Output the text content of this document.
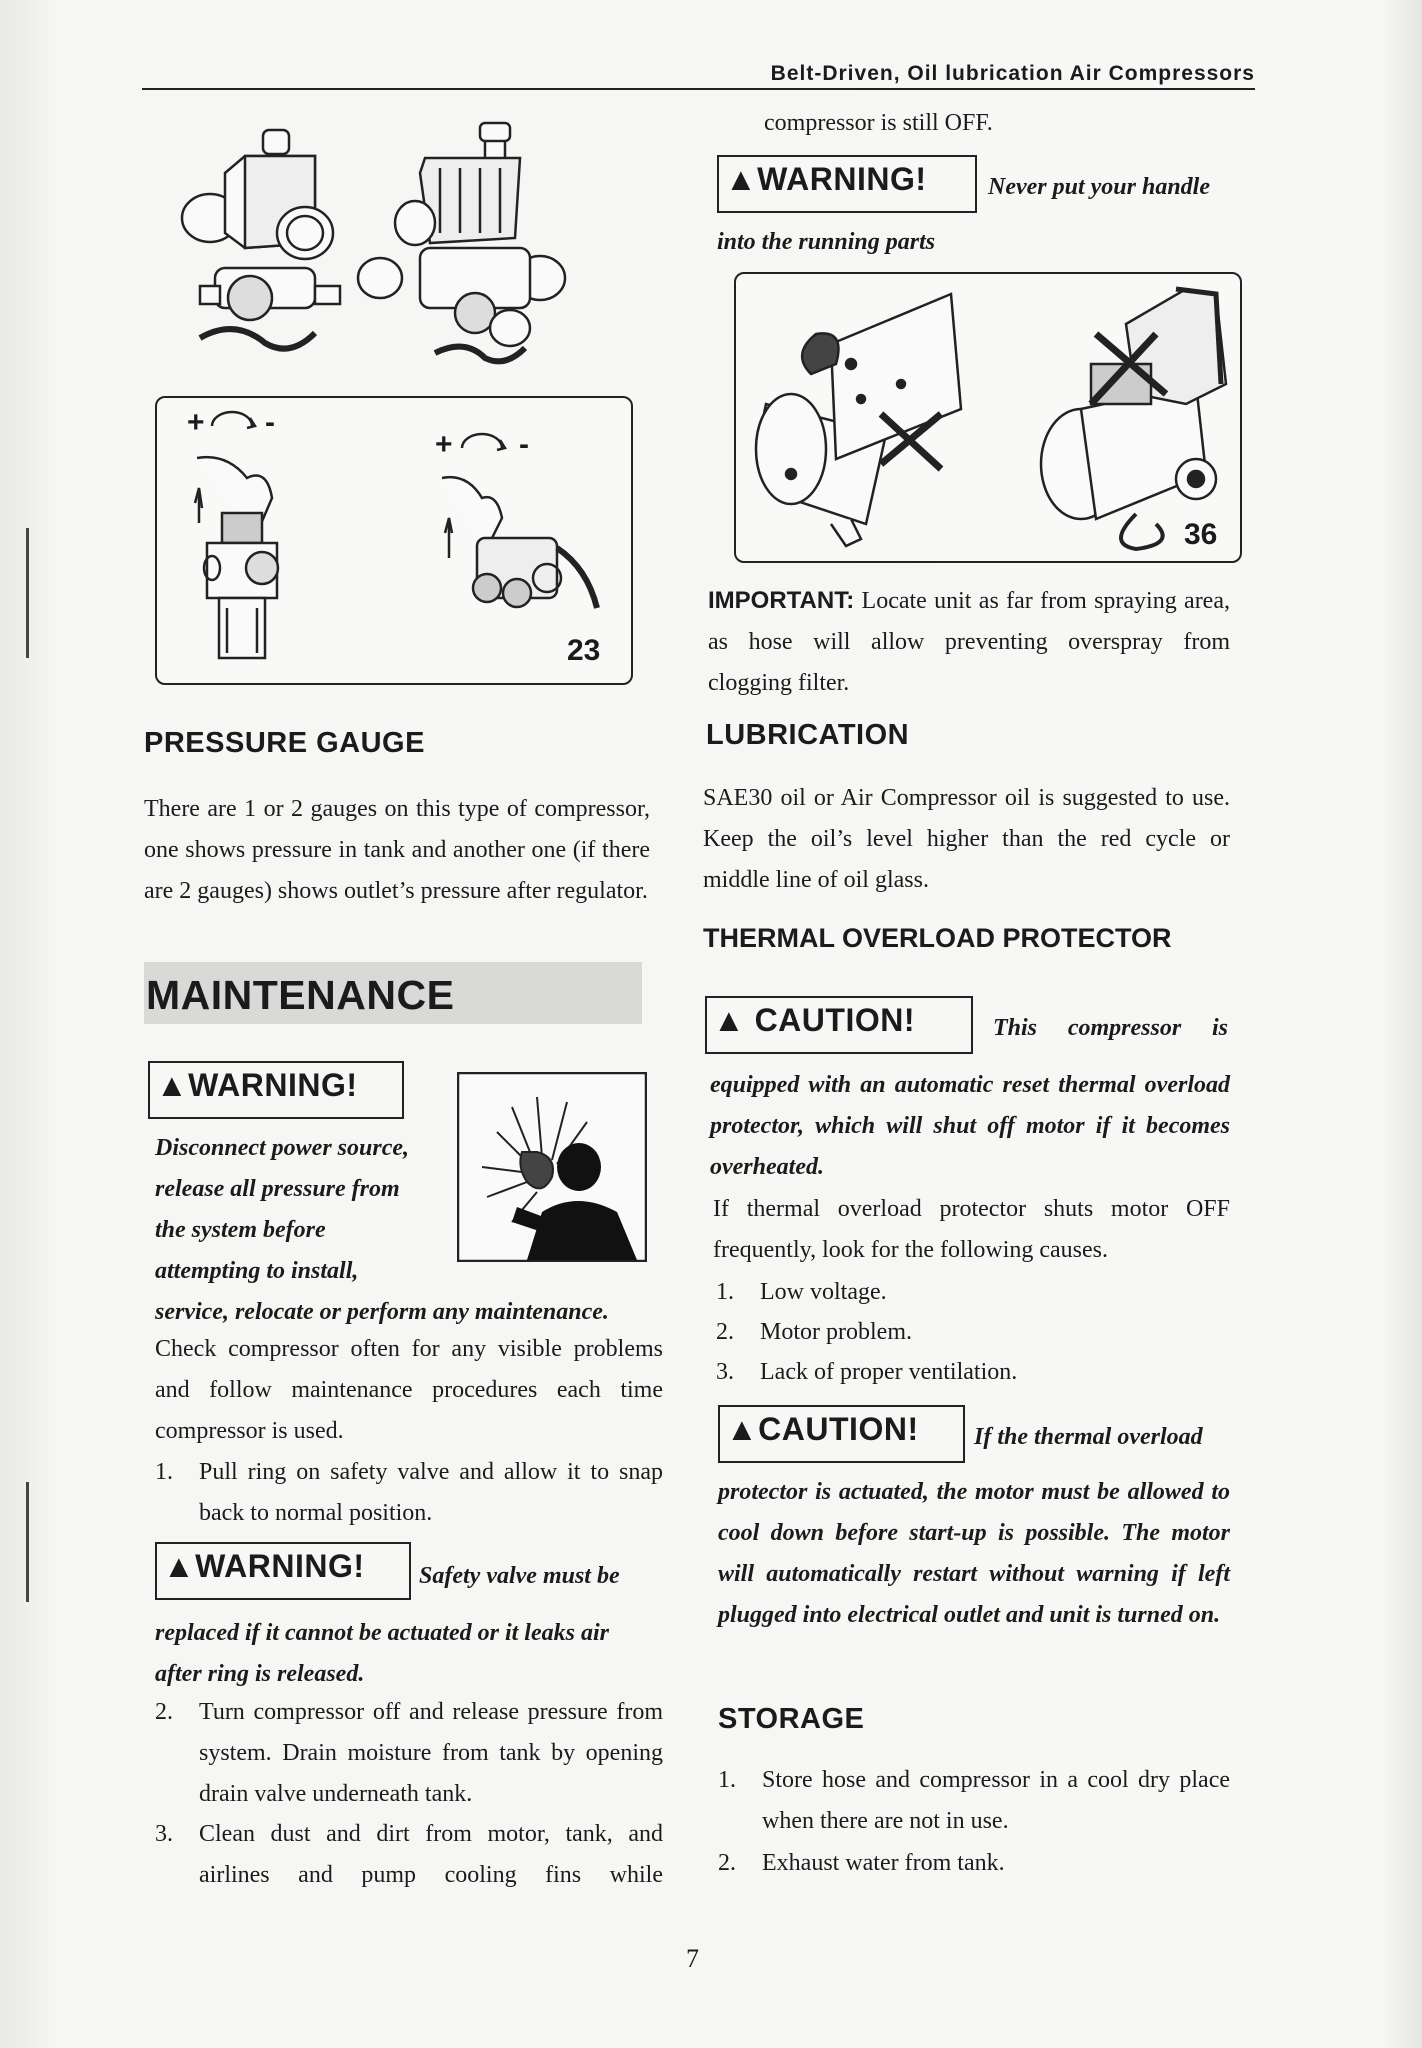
Belt-Driven, Oil lubrication Air Compressors
+ -
+ -
23
PRESSURE GAUGE
There are 1 or 2 gauges on this type of compressor, one shows pressure in tank and another one (if there are 2 gauges) shows outlet’s pressure after regulator.
MAINTENANCE
▲WARNING!
Disconnect power source,
release all pressure from
the system before
attempting to install,
service, relocate or perform any maintenance.
Check compressor often for any visible problems and follow maintenance procedures each time compressor is used.
1.	Pull ring on safety valve and allow it to snap back to normal position.
▲WARNING!	Safety valve must be
replaced if it cannot be actuated or it leaks air after ring is released.
2.	Turn compressor off and release pressure from system. Drain moisture from tank by opening drain valve underneath tank.
3.	Clean dust and dirt from motor, tank, and airlines and pump cooling fins while
compressor is still OFF.
▲WARNING!	Never put your handle
into the running parts
36
IMPORTANT: Locate unit as far from spraying area, as hose will allow preventing overspray from clogging filter.
LUBRICATION
SAE30 oil or Air Compressor oil is suggested to use. Keep the oil’s level higher than the red cycle or middle line of oil glass.
THERMAL OVERLOAD PROTECTOR
▲ CAUTION!	This compressor is
equipped with an automatic reset thermal overload protector, which will shut off motor if it becomes overheated.
If thermal overload protector shuts motor OFF frequently, look for the following causes.
1.	Low voltage.
2.	Motor problem.
3.	Lack of proper ventilation.
▲CAUTION!	If the thermal overload
protector is actuated, the motor must be allowed to cool down before start-up is possible. The motor will automatically restart without warning if left plugged into electrical outlet and unit is turned on.
STORAGE
1.	Store hose and compressor in a cool dry place when there are not in use.
2.	Exhaust water from tank.
7
